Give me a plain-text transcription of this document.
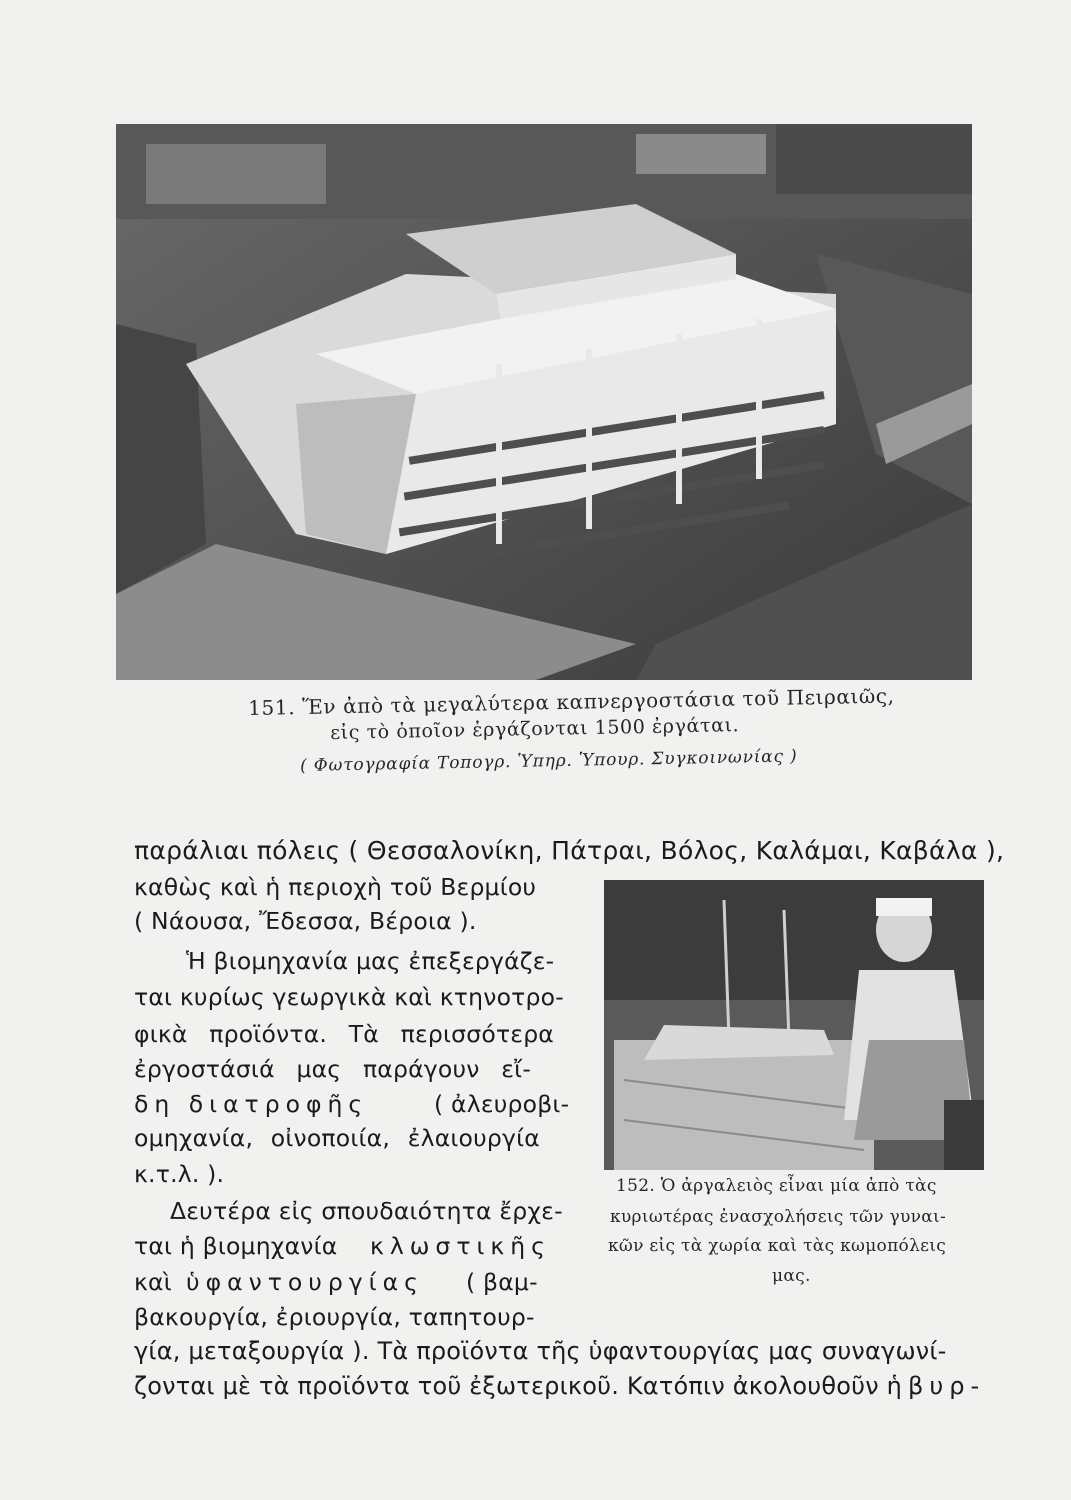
151. Ἕν ἀπὸ τὰ μεγαλύτερα καπνεργοστάσια τοῦ Πειραιῶς,
εἰς τὸ ὁποῖον ἐργάζονται 1500 ἐργάται.
( Φωτογραφία Τοπογρ. Ὑπηρ. Ὑπουρ. Συγκοινωνίας )
παράλιαι πόλεις ( Θεσσαλονίκη, Πάτραι, Βόλος, Καλάμαι, Καβάλα ),
καθὼς καὶ ἡ περιοχὴ τοῦ Βερμίου
( Νάουσα, Ἔδεσσα, Βέροια ).
Ἡ βιομηχανία μας ἐπεξεργάζε-
ται κυρίως γεωργικὰ καὶ κτηνοτρο-
φικὰ προϊόντα. Τὰ περισσότερα
ἐργοστάσιά μας παράγουν εἴ-
δη διατροφῆς	( ἀλευροβι-
ομηχανία, οἰνοποιία, ἐλαιουργία
κ.τ.λ. ).
Δευτέρα εἰς σπουδαιότητα ἔρχε-
ται ἡ βιομηχανία κλωστικῆς
καὶ ὑφαντουργίας ( βαμ-
βακουργία, ἐριουργία, ταπητουρ-
γία, μεταξουργία ). Τὰ προϊόντα τῆς ὑφαντουργίας μας συναγωνί-
ζονται μὲ τὰ προϊόντα τοῦ ἐξωτερικοῦ. Κατόπιν ἀκολουθοῦν ἡ βυρ-
152. Ὁ ἀργαλειὸς εἶναι μία ἀπὸ τὰς
κυριωτέρας ἐνασχολήσεις τῶν γυναι-
κῶν εἰς τὰ χωρία καὶ τὰς κωμοπόλεις
μας.
